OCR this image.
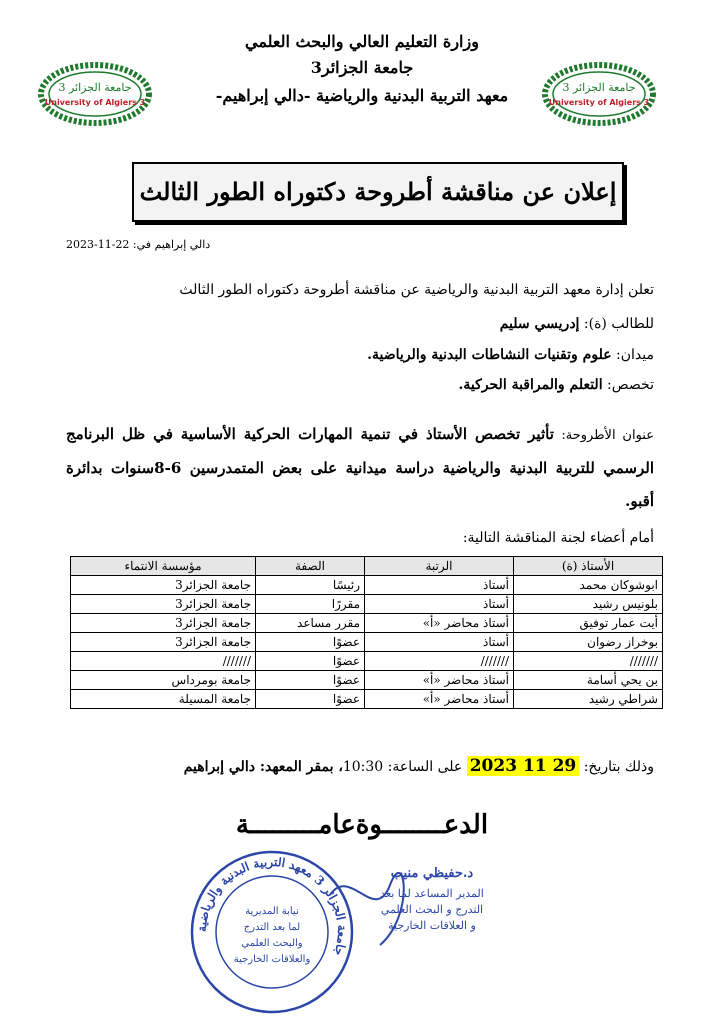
جامعة الجزائر 3
University of Algiers 3
جامعة الجزائر 3
University of Algiers 3
وزارة التعليم العالي والبحث العلمي
جامعة الجزائر3
معهد التربية البدنية والرياضية -دالي إبراهيم-
إعلان عن مناقشة أطروحة دكتوراه الطور الثالث
دالي إبراهيم في: 22-11-2023
تعلن إدارة معهد التربية البدنية والرياضية عن مناقشة أطروحة دكتوراه الطور الثالث
للطالب (ة): إدريسي سليم
ميدان: علوم وتقنيات النشاطات البدنية والرياضية.
تخصص: التعلم والمراقبة الحركية.
عنوان الأطروحة: تأثير تخصص الأستاذ في تنمية المهارات الحركية الأساسية في ظل البرنامج الرسمي للتربية البدنية والرياضية دراسة ميدانية على بعض المتمدرسين 6-8سنوات بدائرة أقبو.
أمام أعضاء لجنة المناقشة التالية:
الأستاذ (ة)	الرتبة	الصفة	مؤسسة الانتماء
ابوشوكان محمد	أستاذ	رئيسًا	جامعة الجزائر3
بلونيس رشيد	أستاذ	مقررًا	جامعة الجزائر3
أيت عمار توفيق	أستاذ محاضر «أ»	مقرر مساعد	جامعة الجزائر3
بوخراز رضوان	أستاذ	عضوًا	جامعة الجزائر3
///////	///////	عضوًا	///////
بن يحي أسامة	أستاذ محاضر «أ»	عضوًا	جامعة بومرداس
شراطي رشيد	أستاذ محاضر «أ»	عضوًا	جامعة المسيلة
وذلك بتاريخ: 29 11 2023 على الساعة: 10:30، بمقر المعهد: دالي إبراهيم
الدعــــــــوةعامـــــــــة
جامعة الجزائر 3 معهد التربية البدنية والرياضية
نيابة المديرية
لما بعد التدرج
والبحث العلمي
والعلاقات الخارجية
د.حفيظي منيب
المدير المساعد لما بعد
التدرج و البحث العلمي
و العلاقات الخارجية
